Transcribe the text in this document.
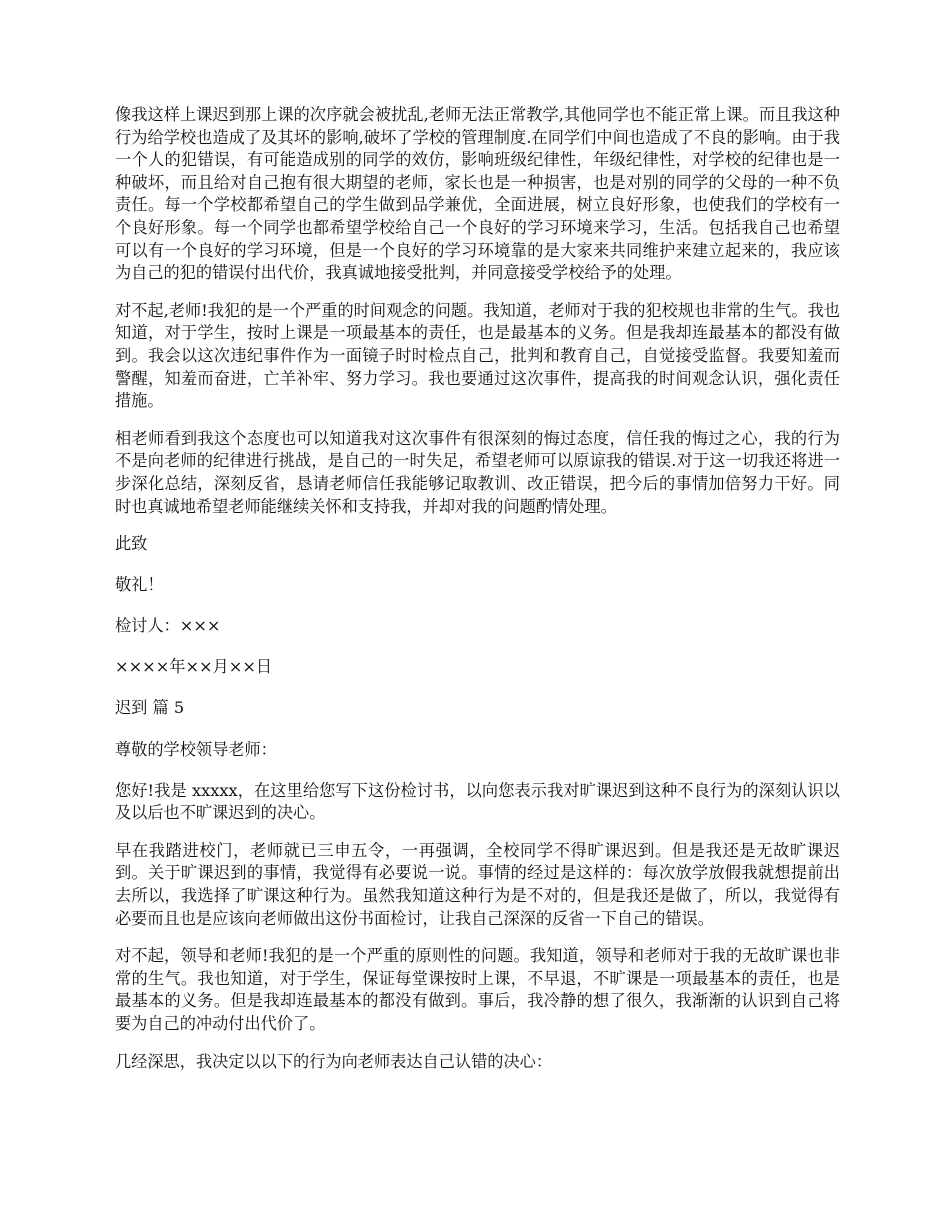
像我这样上课迟到那上课的次序就会被扰乱,老师无法正常教学,其他同学也不能正常上课。而且我这种行为给学校也造成了及其坏的影响,破坏了学校的管理制度.在同学们中间也造成了不良的影响。由于我一个人的犯错误，有可能造成别的同学的效仿，影响班级纪律性，年级纪律性，对学校的纪律也是一种破坏，而且给对自己抱有很大期望的老师，家长也是一种损害，也是对别的同学的父母的一种不负责任。每一个学校都希望自己的学生做到品学兼优，全面进展，树立良好形象，也使我们的学校有一个良好形象。每一个同学也都希望学校给自己一个良好的学习环境来学习，生活。包括我自己也希望可以有一个良好的学习环境，但是一个良好的学习环境靠的是大家来共同维护来建立起来的，我应该为自己的犯的错误付出代价，我真诚地接受批判，并同意接受学校给予的处理。

对不起,老师!我犯的是一个严重的时间观念的问题。我知道，老师对于我的犯校规也非常的生气。我也知道，对于学生，按时上课是一项最基本的责任，也是最基本的义务。但是我却连最基本的都没有做到。我会以这次违纪事件作为一面镜子时时检点自己，批判和教育自己，自觉接受监督。我要知羞而警醒，知羞而奋进，亡羊补牢、努力学习。我也要通过这次事件，提高我的时间观念认识，强化责任措施。

相老师看到我这个态度也可以知道我对这次事件有很深刻的悔过态度，信任我的悔过之心，我的行为不是向老师的纪律进行挑战，是自己的一时失足，希望老师可以原谅我的错误.对于这一切我还将进一步深化总结，深刻反省，恳请老师信任我能够记取教训、改正错误，把今后的事情加倍努力干好。同时也真诚地希望老师能继续关怀和支持我，并却对我的问题酌情处理。

此致

敬礼！

检讨人：×××

××××年××月××日

迟到 篇 5

尊敬的学校领导老师：

您好!我是 xxxxx，在这里给您写下这份检讨书，以向您表示我对旷课迟到这种不良行为的深刻认识以及以后也不旷课迟到的决心。

早在我踏进校门，老师就已三申五令，一再强调，全校同学不得旷课迟到。但是我还是无故旷课迟到。关于旷课迟到的事情，我觉得有必要说一说。事情的经过是这样的：每次放学放假我就想提前出去所以，我选择了旷课这种行为。虽然我知道这种行为是不对的，但是我还是做了，所以，我觉得有必要而且也是应该向老师做出这份书面检讨，让我自己深深的反省一下自己的错误。

对不起，领导和老师!我犯的是一个严重的原则性的问题。我知道，领导和老师对于我的无故旷课也非常的生气。我也知道，对于学生，保证每堂课按时上课，不早退，不旷课是一项最基本的责任，也是最基本的义务。但是我却连最基本的都没有做到。事后，我冷静的想了很久，我渐渐的认识到自己将要为自己的冲动付出代价了。

几经深思，我决定以以下的行为向老师表达自己认错的决心：
